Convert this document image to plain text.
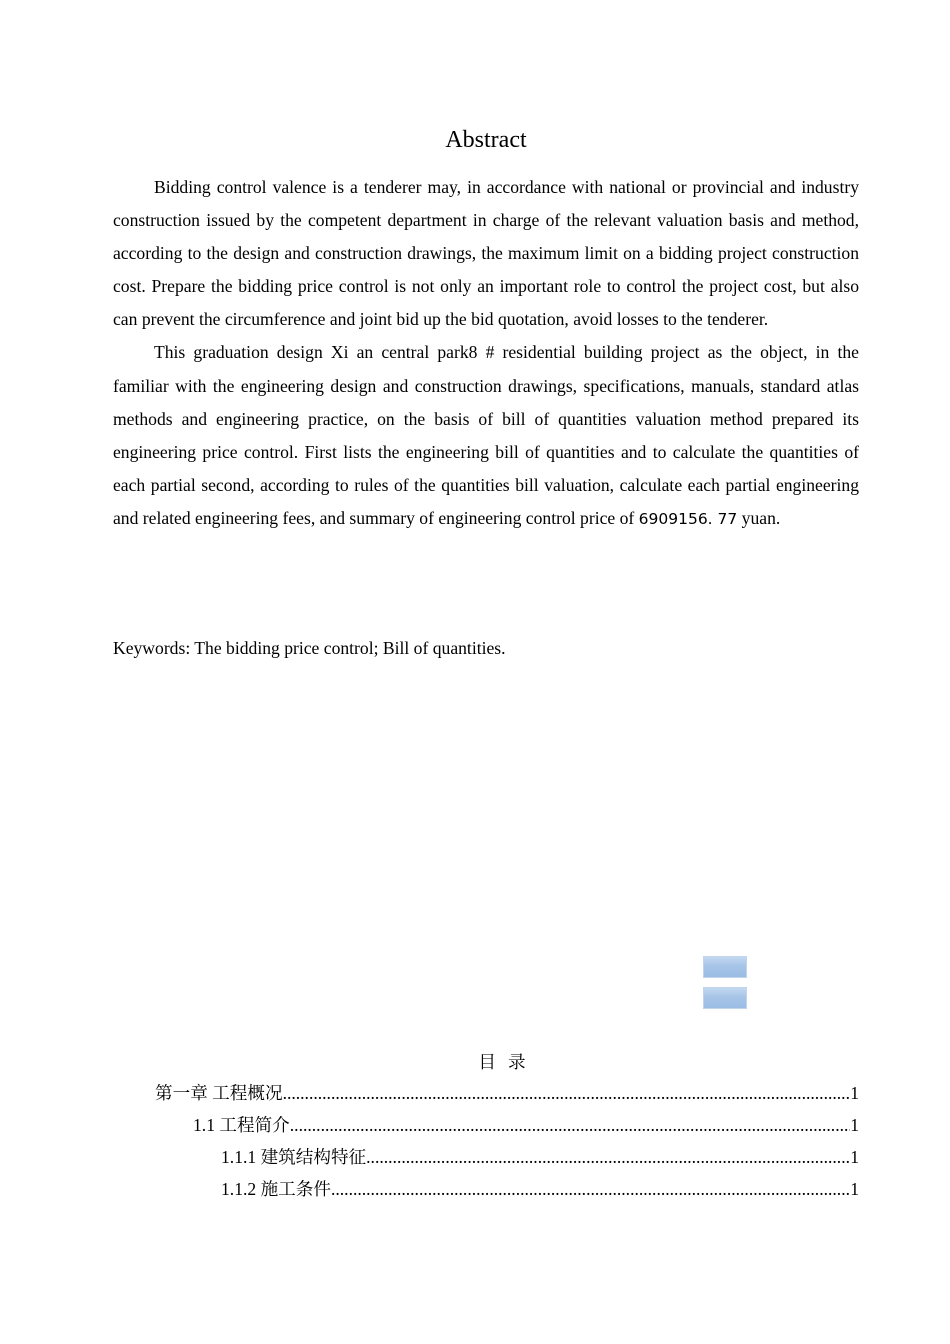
Abstract

Bidding control valence is a tenderer may, in accordance with national or provincial and industry construction issued by the competent department in charge of the relevant valuation basis and method, according to the design and construction drawings, the maximum limit on a bidding project construction cost. Prepare the bidding price control is not only an important role to control the project cost, but also can prevent the circumference and joint bid up the bid quotation, avoid losses to the tenderer.

This graduation design Xi an central park8 # residential building project as the object, in the familiar with the engineering design and construction drawings, specifications, manuals, standard atlas methods and engineering practice, on the basis of bill of quantities valuation method prepared its engineering price control. First lists the engineering bill of quantities and to calculate the quantities of each partial second, according to rules of the quantities bill valuation, calculate each partial engineering and related engineering fees, and summary of engineering control price of 6909156. 77 yuan.

Keywords: The bidding price control; Bill of quantities.
目录
第一章 工程概况 .....	1
1.1 工程简介 .....	1
1.1.1 建筑结构特征 .....	1
1.1.2 施工条件 .....	1
